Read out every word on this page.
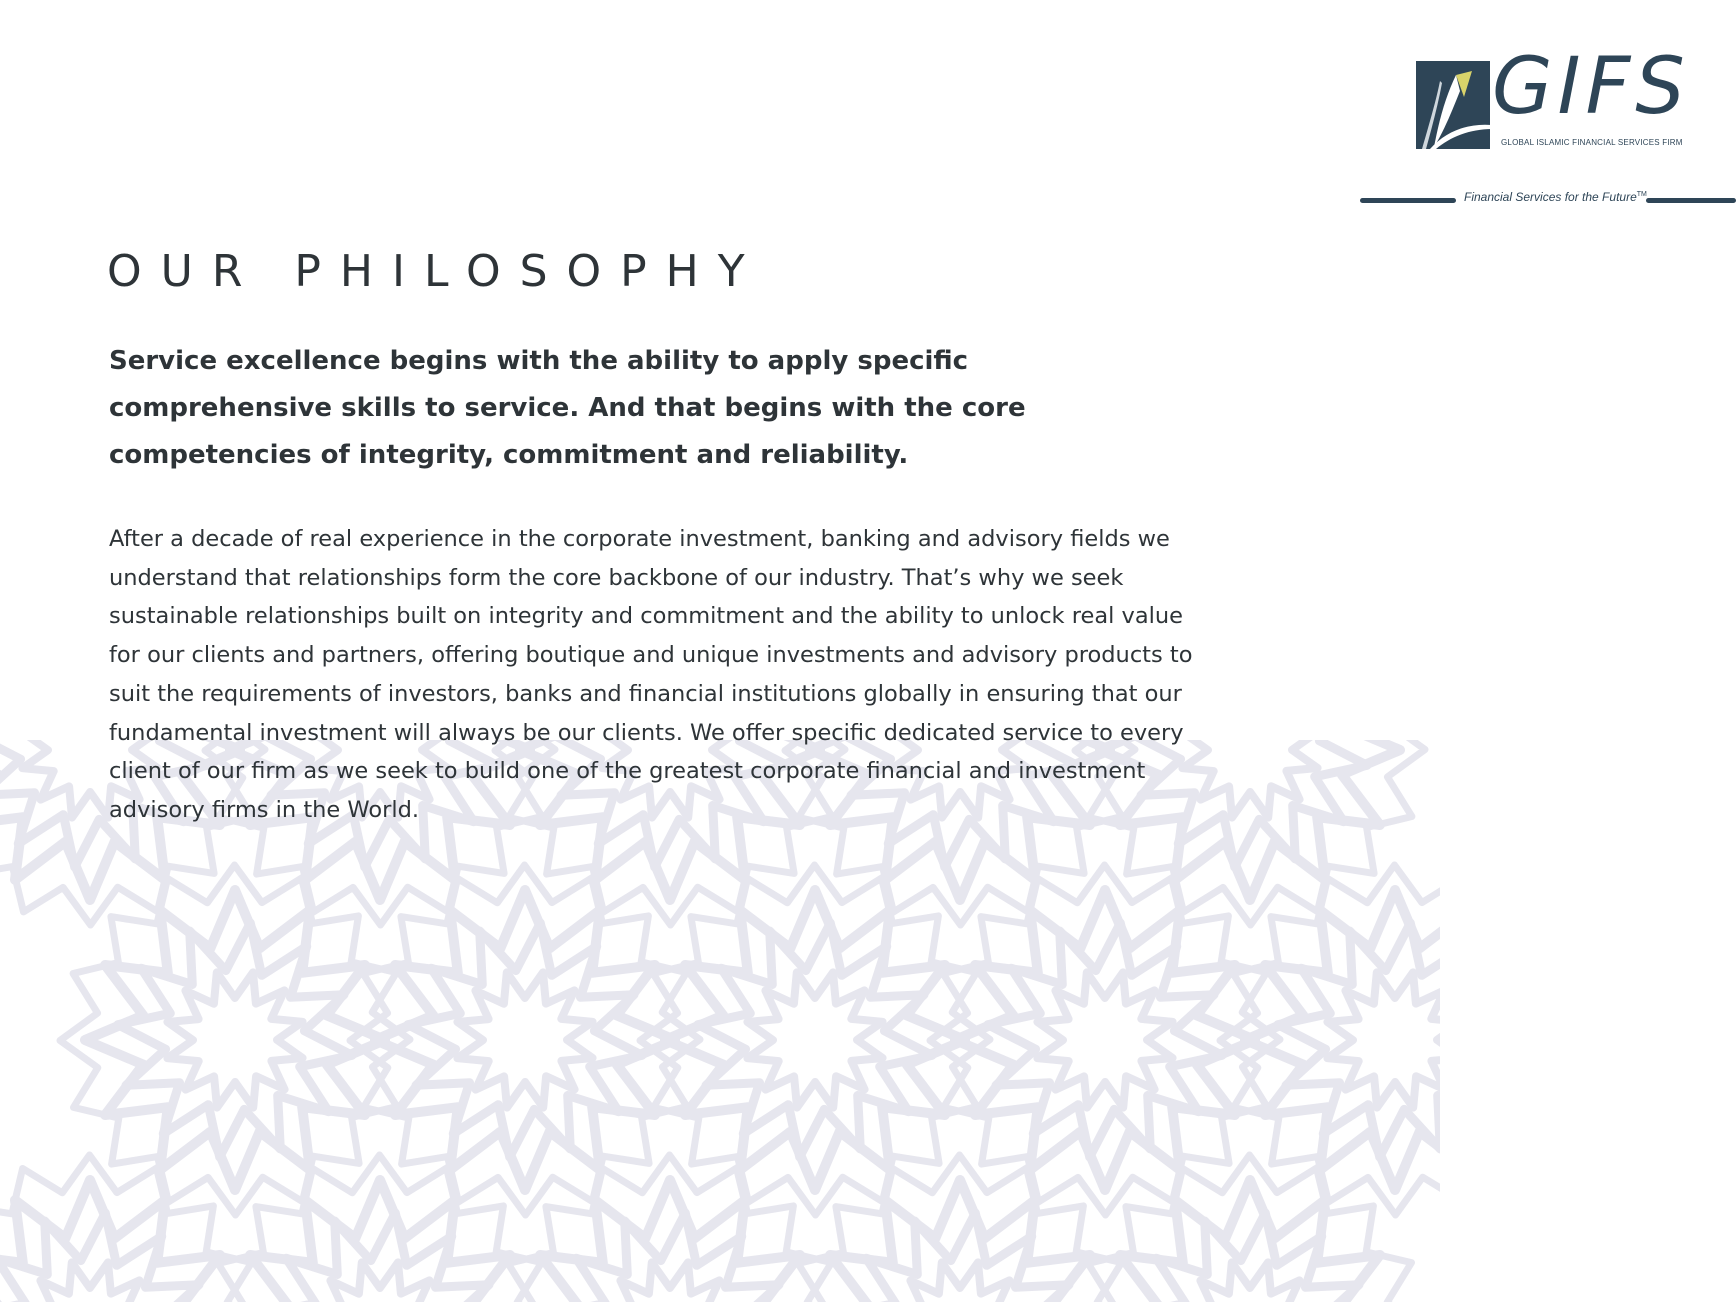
GIFS
GLOBAL ISLAMIC FINANCIAL SERVICES FIRM
Financial Services for the Future™
OUR PHILOSOPHY

Service excellence begins with the ability to apply specific comprehensive skills to service. And that begins with the core competencies of integrity, commitment and reliability.

After a decade of real experience in the corporate investment, banking and advisory fields we understand that relationships form the core backbone of our industry. That’s why we seek sustainable relationships built on integrity and commitment and the ability to unlock real value for our clients and partners, offering boutique and unique investments and advisory products to suit the requirements of investors, banks and financial institutions globally in ensuring that our fundamental investment will always be our clients. We offer specific dedicated service to every client of our firm as we seek to build one of the greatest corporate financial and investment advisory firms in the World.
